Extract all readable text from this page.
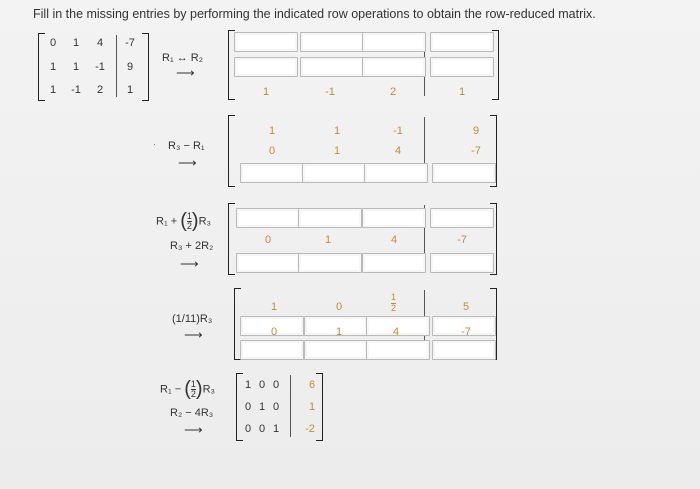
Fill in the missing entries by performing the indicated row operations to obtain the row-reduced matrix.
0	1	4	-7
1	1	-1	9
1	-1	2	1
R₁ ↔ R₂
⟶
1	-1	2	1
· R₃ − R₁
⟶
1	1	-1	9
0	1	4	-7
R₁ + ( $\frac{1}{2} )R_3$
R₃ + 2R₂
⟶
0	1	4	-7
(1/11)R₃
⟶
1	0	$\frac{1}{2}$	5
0	1	4	-7
R₁ − ( $\frac{1}{2} )R_3$
R₂ − 4R₃
⟶
1 0 0	6
0 1 0	1
0 0 1	-2
